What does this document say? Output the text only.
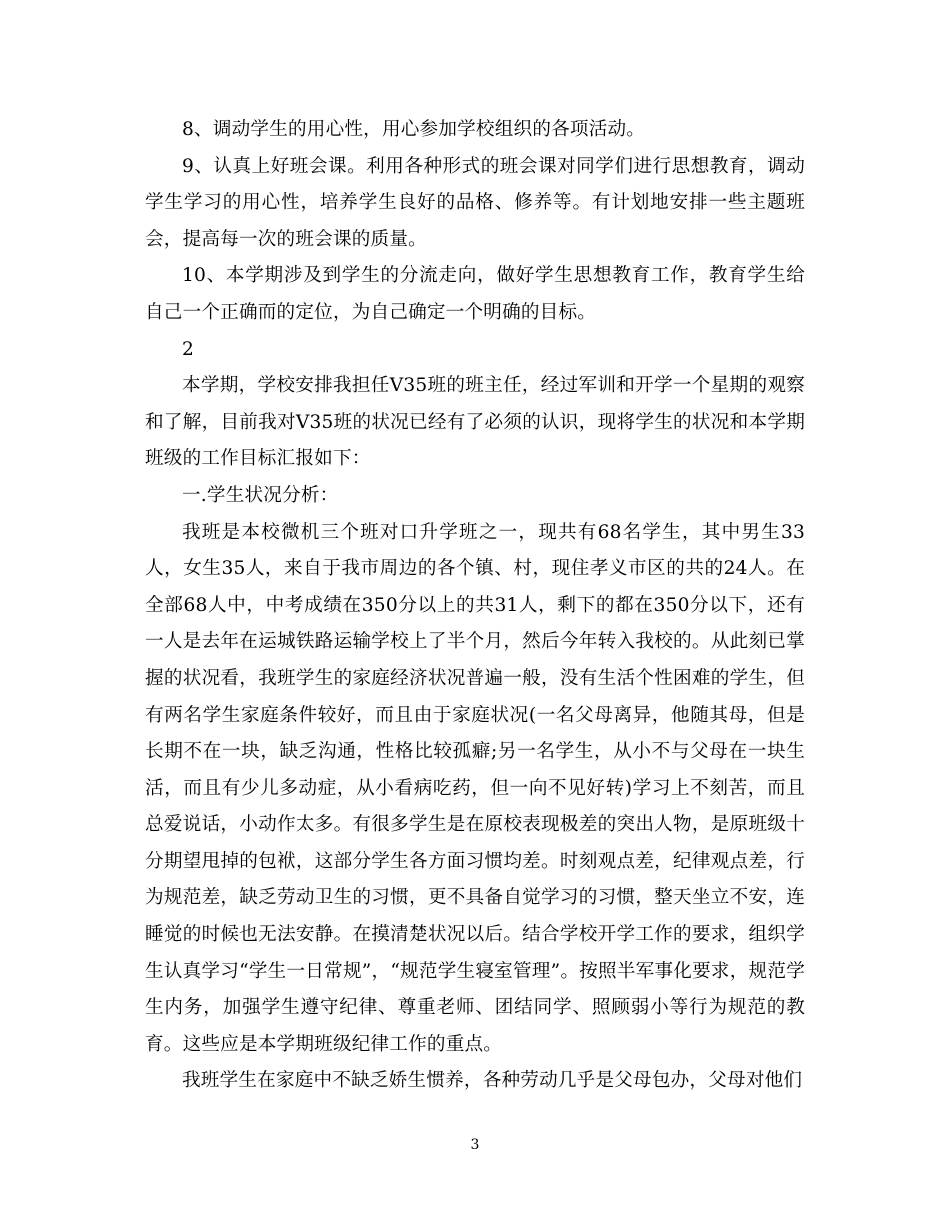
8、调动学生的用心性，用心参加学校组织的各项活动。

9、认真上好班会课。利用各种形式的班会课对同学们进行思想教育，调动学生学习的用心性，培养学生良好的品格、修养等。有计划地安排一些主题班会，提高每一次的班会课的质量。

10、本学期涉及到学生的分流走向，做好学生思想教育工作，教育学生给自己一个正确而的定位，为自己确定一个明确的目标。

2

本学期，学校安排我担任V35班的班主任，经过军训和开学一个星期的观察和了解，目前我对V35班的状况已经有了必须的认识，现将学生的状况和本学期班级的工作目标汇报如下：

一.学生状况分析：

我班是本校微机三个班对口升学班之一，现共有68名学生，其中男生33人，女生35人，来自于我市周边的各个镇、村，现住孝义市区的共的24人。在全部68人中，中考成绩在350分以上的共31人，剩下的都在350分以下，还有一人是去年在运城铁路运输学校上了半个月，然后今年转入我校的。从此刻已掌握的状况看，我班学生的家庭经济状况普遍一般，没有生活个性困难的学生，但有两名学生家庭条件较好，而且由于家庭状况(一名父母离异，他随其母，但是长期不在一块，缺乏沟通，性格比较孤癖;另一名学生，从小不与父母在一块生活，而且有少儿多动症，从小看病吃药，但一向不见好转)学习上不刻苦，而且总爱说话，小动作太多。有很多学生是在原校表现极差的突出人物，是原班级十分期望甩掉的包袱，这部分学生各方面习惯均差。时刻观点差，纪律观点差，行为规范差，缺乏劳动卫生的习惯，更不具备自觉学习的习惯，整天坐立不安，连睡觉的时候也无法安静。在摸清楚状况以后。结合学校开学工作的要求，组织学生认真学习“学生一日常规”，“规范学生寝室管理”。按照半军事化要求，规范学生内务，加强学生遵守纪律、尊重老师、团结同学、照顾弱小等行为规范的教育。这些应是本学期班级纪律工作的重点。

我班学生在家庭中不缺乏娇生惯养，各种劳动几乎是父母包办，父母对他们

3
